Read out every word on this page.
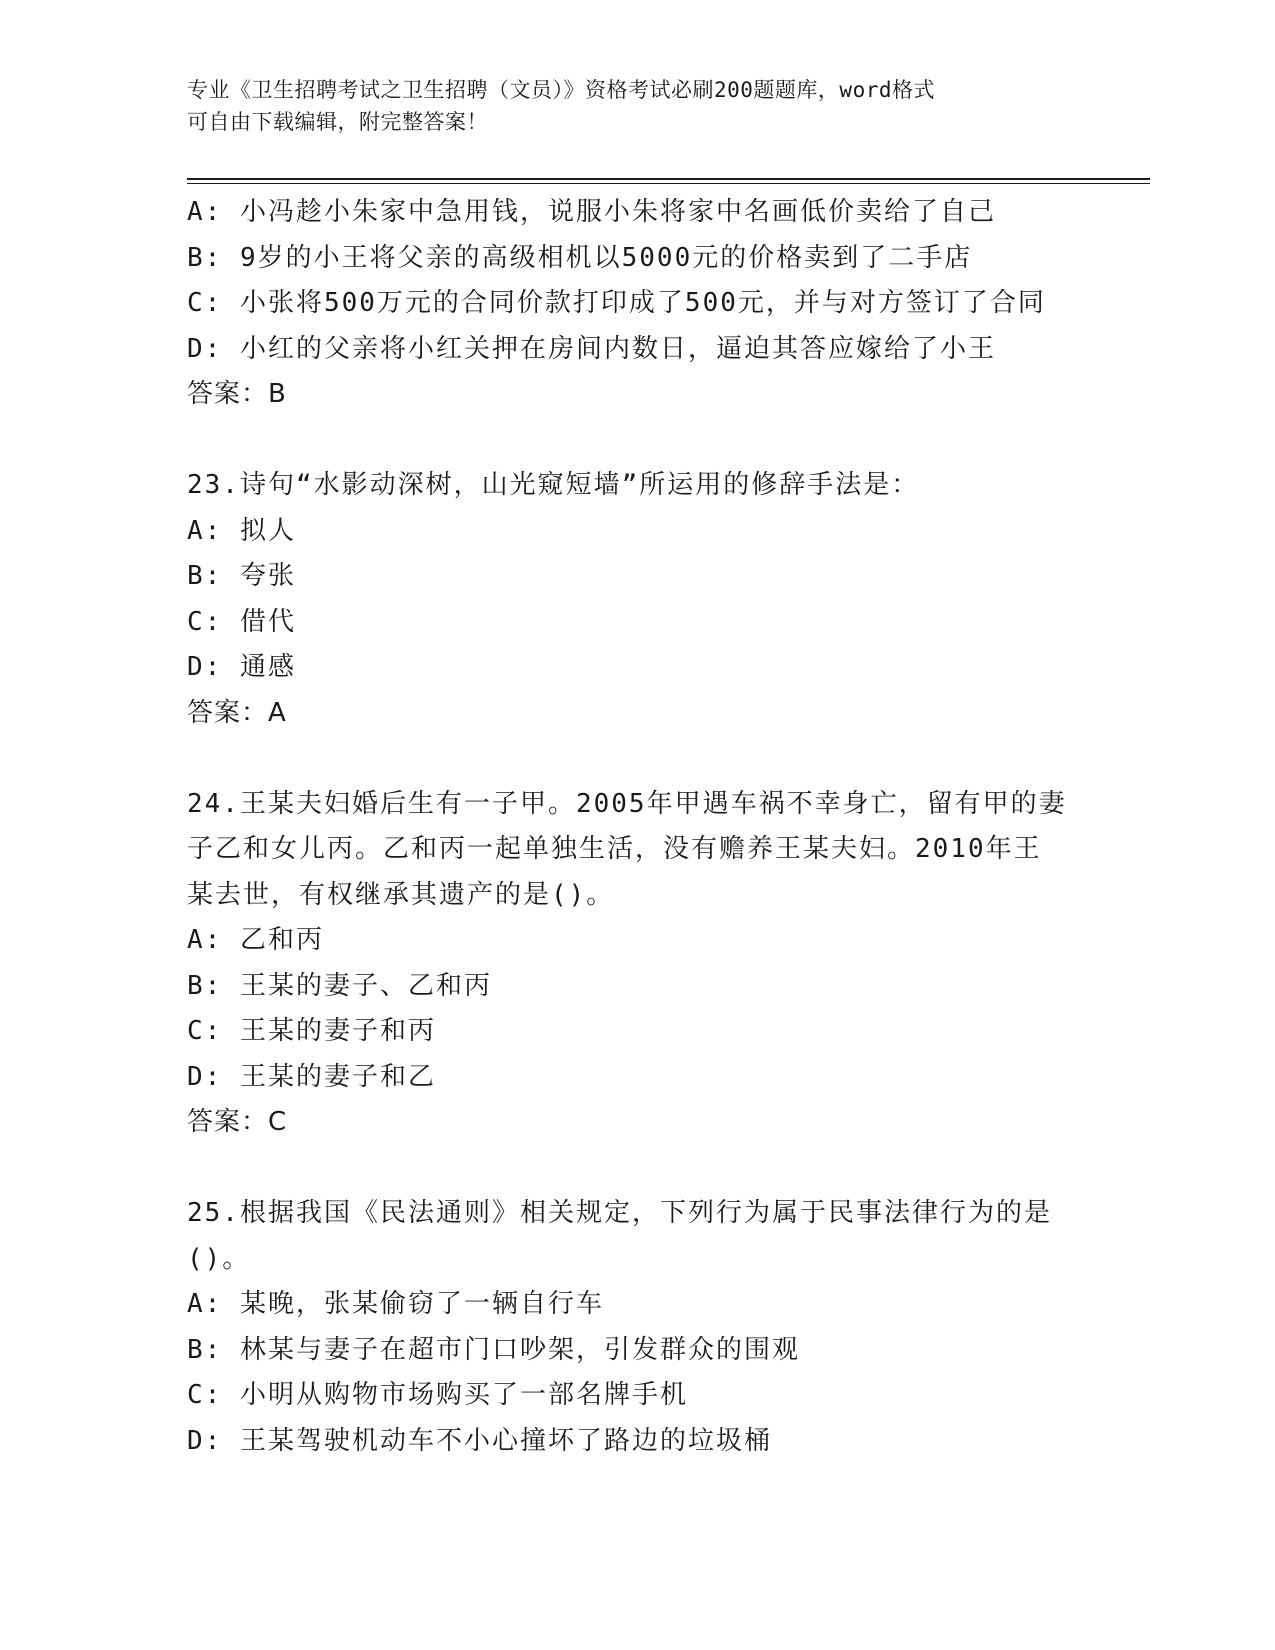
专业《卫生招聘考试之卫生招聘（文员）》资格考试必刷200题题库，word格式
可自由下载编辑，附完整答案！
A: 小冯趁小朱家中急用钱，说服小朱将家中名画低价卖给了自己
B: 9岁的小王将父亲的高级相机以5000元的价格卖到了二手店
C: 小张将500万元的合同价款打印成了500元，并与对方签订了合同
D: 小红的父亲将小红关押在房间内数日，逼迫其答应嫁给了小王
答案：B
23.诗句“水影动深树，山光窥短墙”所运用的修辞手法是：
A: 拟人
B: 夸张
C: 借代
D: 通感
答案：A
24.王某夫妇婚后生有一子甲。2005年甲遇车祸不幸身亡，留有甲的妻
子乙和女儿丙。乙和丙一起单独生活，没有赡养王某夫妇。2010年王
某去世，有权继承其遗产的是()。
A: 乙和丙
B: 王某的妻子、乙和丙
C: 王某的妻子和丙
D: 王某的妻子和乙
答案：C
25.根据我国《民法通则》相关规定，下列行为属于民事法律行为的是
()。
A: 某晚，张某偷窃了一辆自行车
B: 林某与妻子在超市门口吵架，引发群众的围观
C: 小明从购物市场购买了一部名牌手机
D: 王某驾驶机动车不小心撞坏了路边的垃圾桶
